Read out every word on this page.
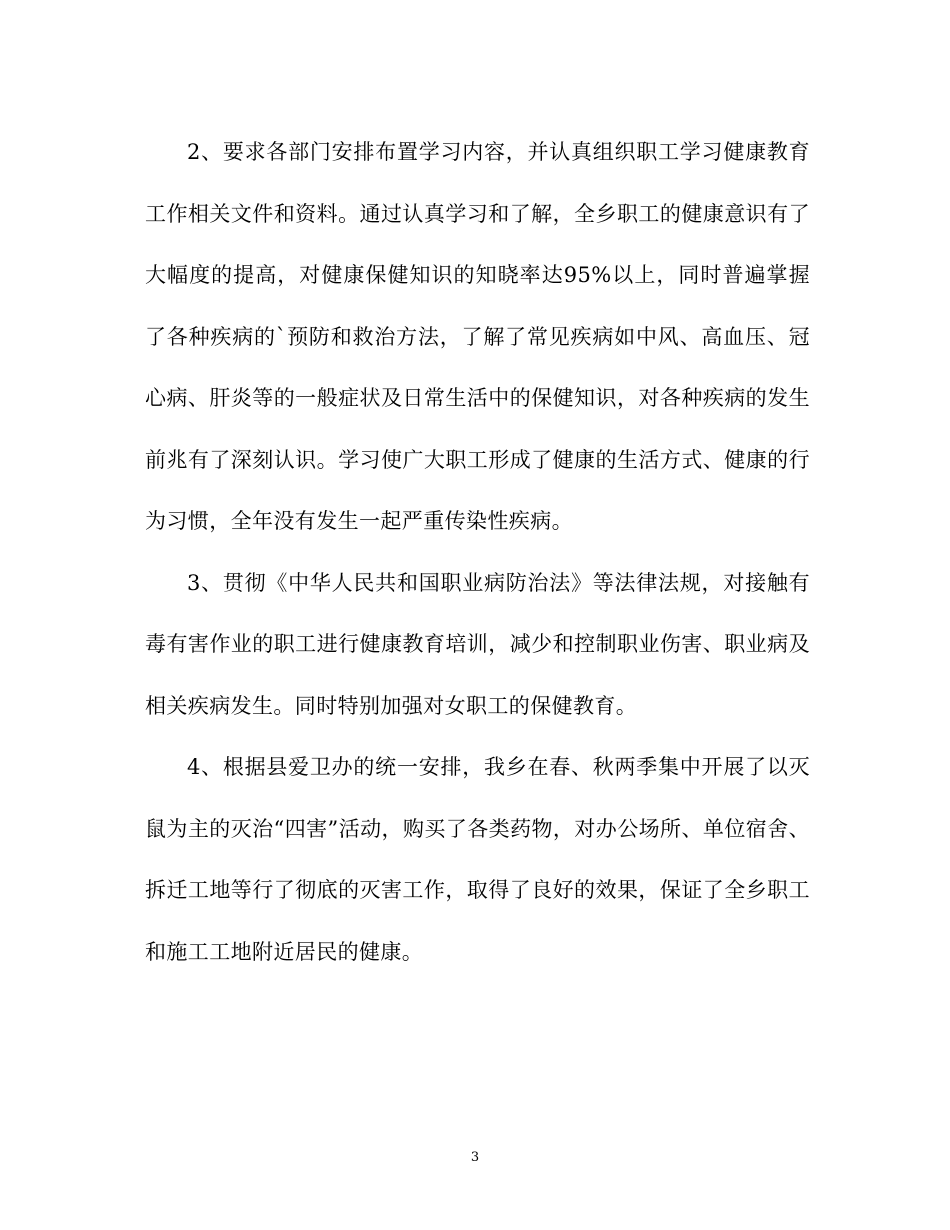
2、要求各部门安排布置学习内容，并认真组织职工学习健康教育工作相关文件和资料。通过认真学习和了解，全乡职工的健康意识有了大幅度的提高，对健康保健知识的知晓率达95%以上，同时普遍掌握了各种疾病的`预防和救治方法，了解了常见疾病如中风、高血压、冠心病、肝炎等的一般症状及日常生活中的保健知识，对各种疾病的发生前兆有了深刻认识。学习使广大职工形成了健康的生活方式、健康的行为习惯，全年没有发生一起严重传染性疾病。

3、贯彻《中华人民共和国职业病防治法》等法律法规，对接触有毒有害作业的职工进行健康教育培训，减少和控制职业伤害、职业病及相关疾病发生。同时特别加强对女职工的保健教育。

4、根据县爱卫办的统一安排，我乡在春、秋两季集中开展了以灭鼠为主的灭治“四害”活动，购买了各类药物，对办公场所、单位宿舍、拆迁工地等行了彻底的灭害工作，取得了良好的效果，保证了全乡职工和施工工地附近居民的健康。

3
